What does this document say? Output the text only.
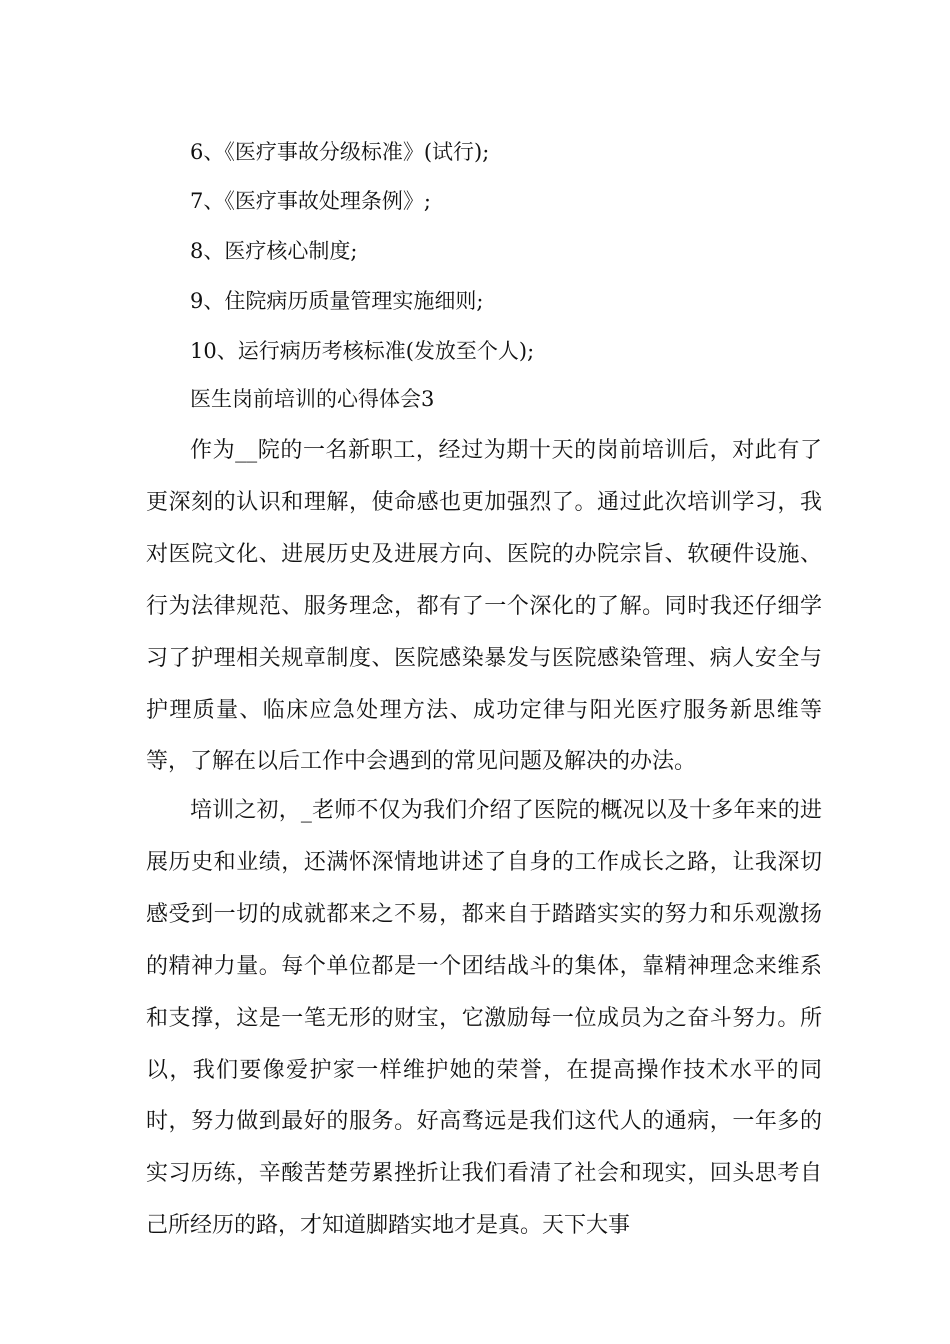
6、《医疗事故分级标准》(试行);
7、《医疗事故处理条例》;
8、医疗核心制度;
9、住院病历质量管理实施细则;
10、运行病历考核标准(发放至个人);
医生岗前培训的心得体会3

作为__院的一名新职工，经过为期十天的岗前培训后，对此有了更深刻的认识和理解，使命感也更加强烈了。通过此次培训学习，我对医院文化、进展历史及进展方向、医院的办院宗旨、软硬件设施、行为法律规范、服务理念，都有了一个深化的了解。同时我还仔细学习了护理相关规章制度、医院感染暴发与医院感染管理、病人安全与护理质量、临床应急处理方法、成功定律与阳光医疗服务新思维等等，了解在以后工作中会遇到的常见问题及解决的办法。

培训之初，_老师不仅为我们介绍了医院的概况以及十多年来的进展历史和业绩，还满怀深情地讲述了自身的工作成长之路，让我深切感受到一切的成就都来之不易，都来自于踏踏实实的努力和乐观激扬的精神力量。每个单位都是一个团结战斗的集体，靠精神理念来维系和支撑，这是一笔无形的财宝，它激励每一位成员为之奋斗努力。所以，我们要像爱护家一样维护她的荣誉，在提高操作技术水平的同时，努力做到最好的服务。好高骛远是我们这代人的通病，一年多的实习历练，辛酸苦楚劳累挫折让我们看清了社会和现实，回头思考自己所经历的路，才知道脚踏实地才是真。天下大事
